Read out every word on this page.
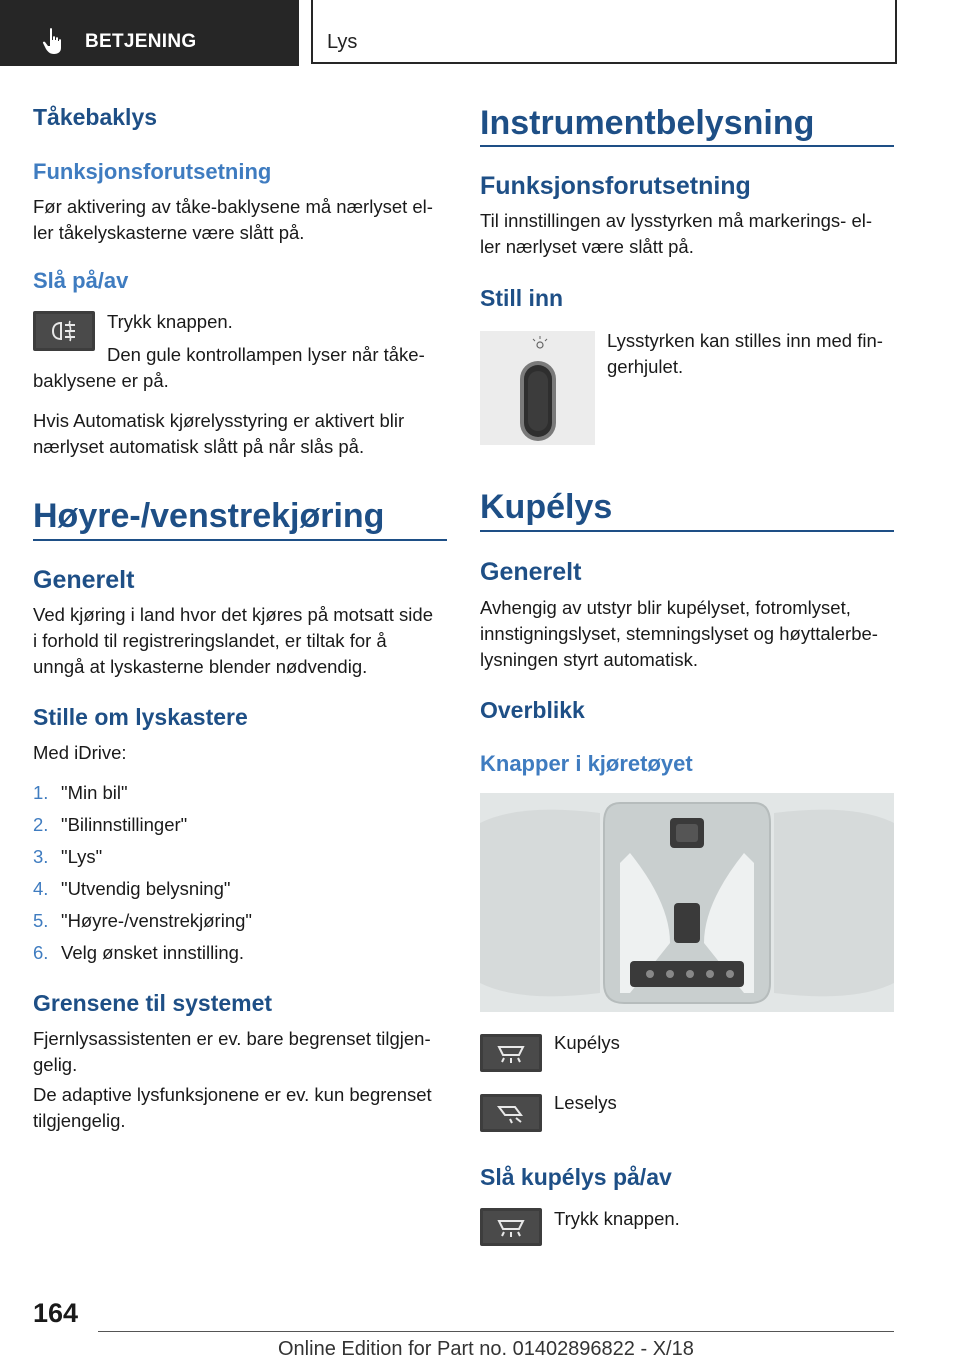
BETJENING	Lys
Tåkebaklys
Funksjonsforutsetning
Før aktivering av tåke-baklysene må nærlyset el-
ler tåkelyskasterne være slått på.
Slå på/av
Trykk knappen.
Den gule kontrollampen lyser når tåke-
baklysene er på.
Hvis Automatisk kjørelysstyring er aktivert blir
nærlyset automatisk slått på når slås på.
Høyre-/venstrekjøring
Generelt
Ved kjøring i land hvor det kjøres på motsatt side
i forhold til registreringslandet, er tiltak for å
unngå at lyskasterne blender nødvendig.
Stille om lyskastere
Med iDrive:
1. "Min bil"
2. "Bilinnstillinger"
3. "Lys"
4. "Utvendig belysning"
5. "Høyre-/venstrekjøring"
6. Velg ønsket innstilling.
Grensene til systemet
Fjernlysassistenten er ev. bare begrenset tilgjen-
gelig.
De adaptive lysfunksjonene er ev. kun begrenset
tilgjengelig.
Instrumentbelysning
Funksjonsforutsetning
Til innstillingen av lysstyrken må markerings- el-
ler nærlyset være slått på.
Still inn
Lysstyrken kan stilles inn med fin-
gerhjulet.
Kupélys
Generelt
Avhengig av utstyr blir kupélyset, fotromlyset,
innstigningslyset, stemningslyset og høyttalerbe-
lysningen styrt automatisk.
Overblikk
Knapper i kjøretøyet
Kupélys
Leselys
Slå kupélys på/av
Trykk knappen.
164
Online Edition for Part no. 01402896822 - X/18
